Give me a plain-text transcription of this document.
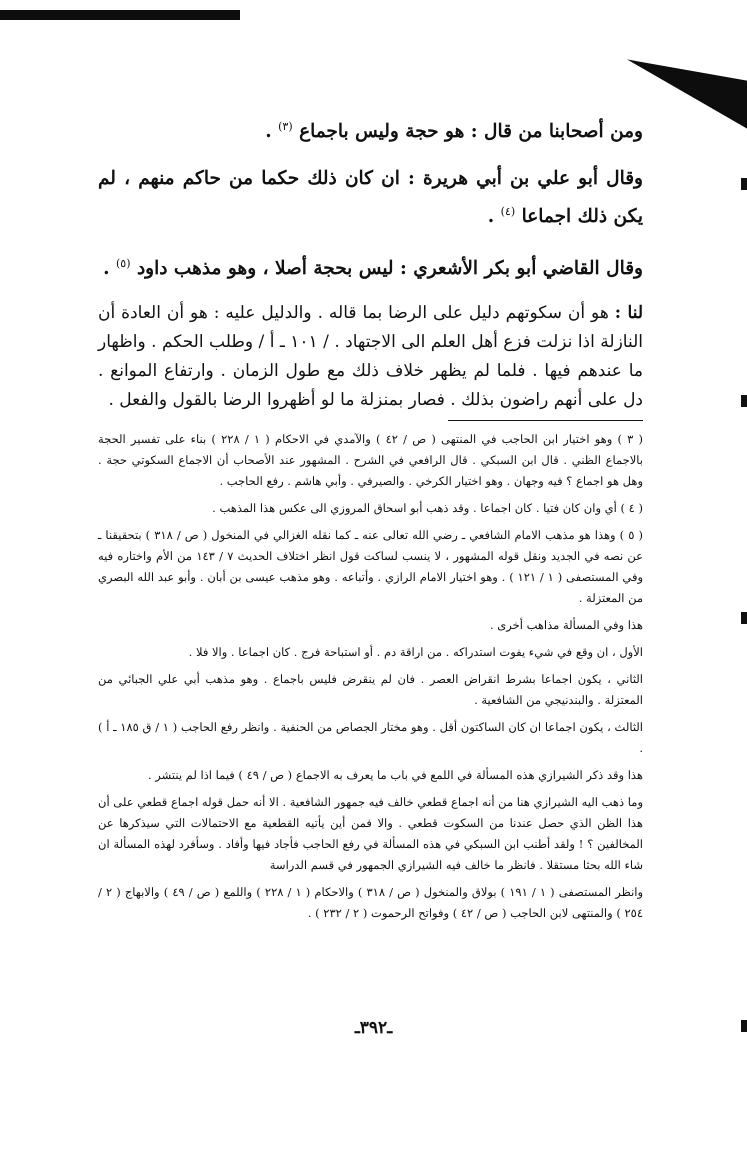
ومن أصحابنا من قال : هو حجة وليس باجماع $^{(٣)}$ .

وقال أبو علي بن أبي هريرة : ان كان ذلك حكما من حاكم منهم ، لم يكن ذلك اجماعا $^{(٤)}$ .

وقال القاضي أبو بكر الأشعري : ليس بحجة أصلا ، وهو مذهب داود $^{(٥)}$ .

لنا : هو أن سكوتهم دليل على الرضا بما قاله . والدليل عليه : هو أن العادة أن النازلة اذا نزلت فزع أهل العلم الى الاجتهاد . / ١٠١ ـ أ / وطلب الحكم . واظهار ما عندهم فيها . فلما لم يظهر خلاف ذلك مع طول الزمان . وارتفاع الموانع . دل على أنهم راضون بذلك . فصار بمنزلة ما لو أظهروا الرضا بالقول والفعل .

( ٣ ) وهو اختيار ابن الحاجب في المنتهى ( ص / ٤٢ ) والآمدي في الاحكام ( ١ / ٢٢٨ ) بناء على تفسير الحجة بالاجماع الظني . قال ابن السبكي . قال الرافعي في الشرح . المشهور عند الأصحاب أن الاجماع السكوتي حجة . وهل هو اجماع ؟ فيه وجهان . وهو اختيار الكرخي . والصيرفي . وأبي هاشم . رفع الحاجب .

( ٤ ) أي وان كان فتيا . كان اجماعا . وقد ذهب أبو اسحاق المروزي الى عكس هذا المذهب .

( ٥ ) وهذا هو مذهب الامام الشافعي ـ رضي الله تعالى عنه ـ كما نقله الغزالي في المنخول ( ص / ٣١٨ ) بتحقيقنا ـ عن نصه في الجديد ونقل قوله المشهور ، لا ينسب لساكت قول انظر اختلاف الحديث ٧ / ١٤٣ من الأم واختاره فيه وفي المستصفى ( ١ / ١٢١ ) . وهو اختيار الامام الرازي . وأتباعه . وهو مذهب عيسى بن أبان . وأبو عبد الله البصري من المعتزلة .

هذا وفي المسألة مذاهب أخرى .

الأول ، ان وقع في شيء يفوت استدراكه . من اراقة دم . أو استباحة فرج . كان اجماعا . والا فلا .

الثاني ، يكون اجماعا بشرط انقراض العصر . فان لم ينقرض فليس باجماع . وهو مذهب أبي علي الجبائي من المعتزلة . والبندنيجي من الشافعية .

الثالث ، يكون اجماعا ان كان الساكتون أقل . وهو مختار الجصاص من الحنفية . وانظر رفع الحاجب ( ١ / ق ١٨٥ ـ أ ) .

هذا وقد ذكر الشيرازي هذه المسألة في اللمع في باب ما يعرف به الاجماع ( ص / ٤٩ ) فيما اذا لم ينتشر .

وما ذهب اليه الشيرازي هنا من أنه اجماع قطعي خالف فيه جمهور الشافعية . الا أنه حمل قوله اجماع قطعي على أن هذا الظن الذي حصل عندنا من السكوت قطعي . والا فمن أين يأتيه القطعية مع الاحتمالات التي سيذكرها عن المخالفين ؟ ! ولقد أطنب ابن السبكي في هذه المسألة في رفع الحاجب فأجاد فيها وأفاد . وسأفرد لهذه المسألة ان شاء الله بحثا مستقلا . فانظر ما خالف فيه الشيرازي الجمهور في قسم الدراسة

وانظر المستصفى ( ١ / ١٩١ ) بولاق والمنخول ( ص / ٣١٨ ) والاحكام ( ١ / ٢٢٨ ) واللمع ( ص / ٤٩ ) والابهاج ( ٢ / ٢٥٤ ) والمنتهى لابن الحاجب ( ص / ٤٢ ) وفواتح الرحموت ( ٢ / ٢٣٢ ) .

ـ٣٩٢ـ
